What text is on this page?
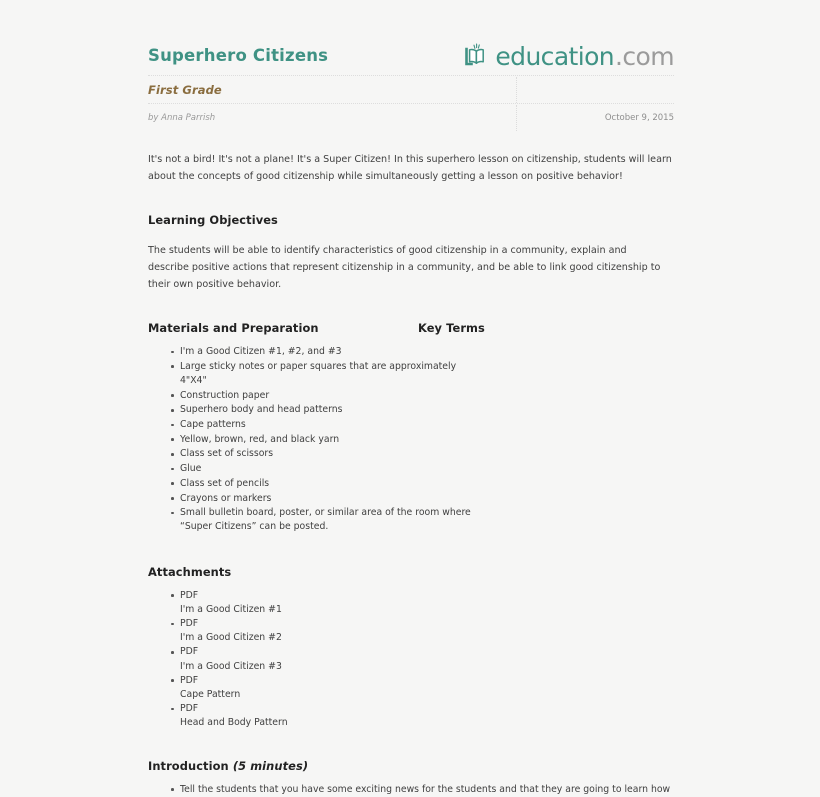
Superhero Citizens	education .com
First Grade
by Anna Parrish	October 9, 2015

It's not a bird! It's not a plane! It's a Super Citizen! In this superhero lesson on citizenship, students will learn about the concepts of good citizenship while simultaneously getting a lesson on positive behavior!

Learning Objectives

The students will be able to identify characteristics of good citizenship in a community, explain and describe positive actions that represent citizenship in a community, and be able to link good citizenship to their own positive behavior.

Materials and Preparation	Key Terms
I'm a Good Citizen #1, #2, and #3
Large sticky notes or paper squares that are approximately 4"X4"
Construction paper
Superhero body and head patterns
Cape patterns
Yellow, brown, red, and black yarn
Class set of scissors
Glue
Class set of pencils
Crayons or markers
Small bulletin board, poster, or similar area of the room where “Super Citizens” can be posted.
Attachments
PDF
I'm a Good Citizen #1
PDF
I'm a Good Citizen #2
PDF
I'm a Good Citizen #3
PDF
Cape Pattern
PDF
Head and Body Pattern
Introduction (5 minutes)
Tell the students that you have some exciting news for the students and that they are going to learn how
